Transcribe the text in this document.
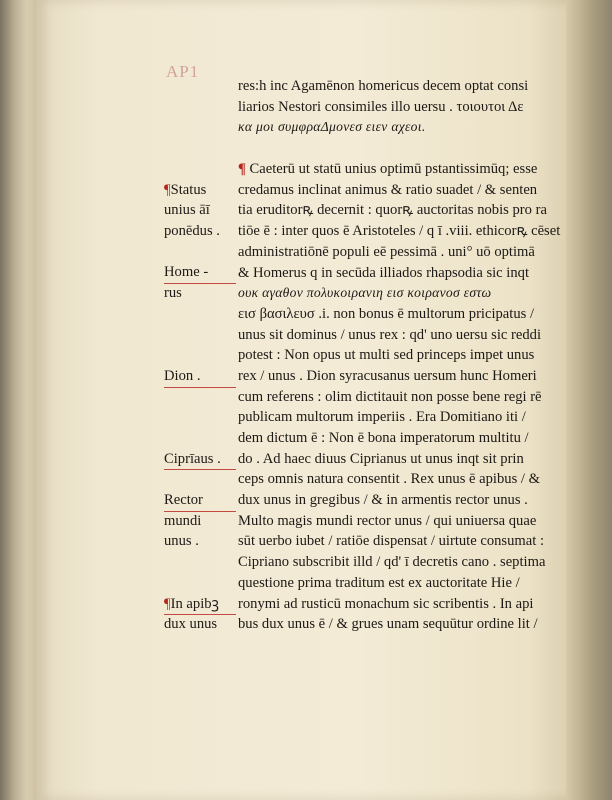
AP1
res:h inc Agamēnon homericus decem optat consi
liarios Nestori consimiles illo uersu . τοιουτοι Δε
κα μοι συμφραΔμονεσ ειεν αχεοι.
¶ Caeterū ut statū unius optimū pstantissimūq; esse
credamus inclinat animus & ratio suadet / & senten
tia eruditorꝶ decernit : quorꝶ auctoritas nobis pro ra
tiōe ē : inter quos ē Aristoteles / q ī .viii. ethicorꝶ cēset
administratiōnē populi eē pessimā . uni° uō optimā
& Homerus q in secūda illiados rhapsodia sic inqt
ουκ αγαθον πολυκοιρανιη εισ κοιρανοσ εστω
εισ βασιλευσ .i. non bonus ē multorum pricipatus /
unus sit dominus / unus rex : qd' uno uersu sic reddi
potest : Non opus ut multi sed princeps impet unus
rex / unus . Dion syracusanus uersum hunc Homeri
cum referens : olim dictitauit non posse bene regi rē
publicam multorum imperiis . Era Domitiano iti /
dem dictum ē : Non ē bona imperatorum multitu /
do . Ad haec diuus Ciprianus ut unus inqt sit prin
ceps omnis natura consentit . Rex unus ē apibus / &
dux unus in gregibus / & in armentis rector unus .
Multo magis mundi rector unus / qui uniuersa quae
sūt uerbo iubet / ratiōe dispensat / uirtute consumat :
Cipriano subscribit illd / qd' ī decretis cano . septima
questione prima traditum est ex auctoritate Hie /
ronymi ad rusticū monachum sic scribentis . In api
bus dux unus ē / & grues unam sequūtur ordine lit /
¶Status
unius āī
ponēdus .
Home -
rus
Dion .
Ciprīaus .
Rector
mundi
unus .
¶In apibꝫ
dux unus
